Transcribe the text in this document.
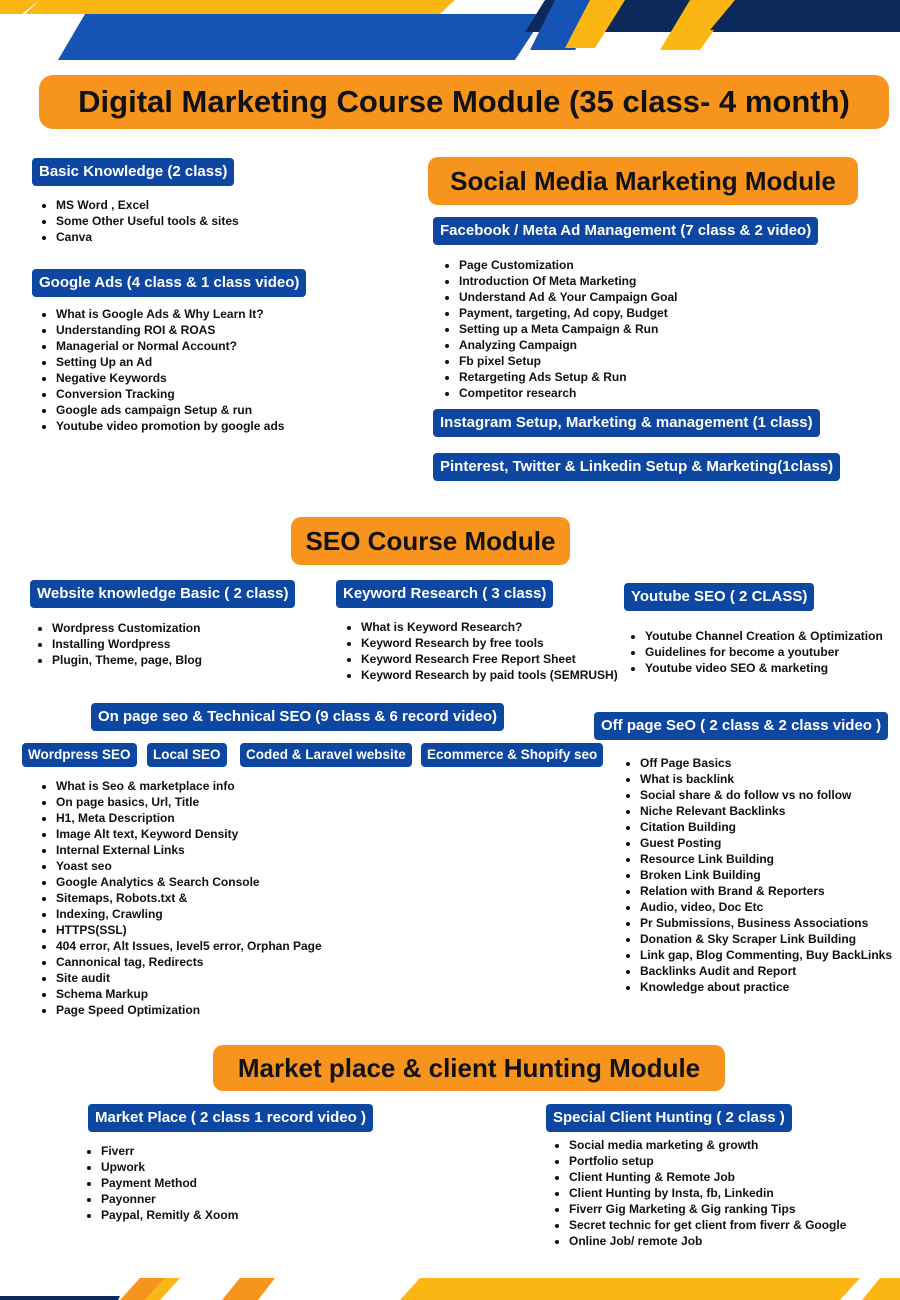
Digital Marketing Course Module (35 class- 4 month)
Basic Knowledge (2 class)
• MS Word , Excel
• Some Other Useful tools & sites
• Canva
Google Ads (4 class & 1 class video)
• What is Google Ads & Why Learn It?
• Understanding ROI & ROAS
• Managerial or Normal Account?
• Setting Up an Ad
• Negative Keywords
• Conversion Tracking
• Google ads campaign Setup & run
• Youtube video promotion by google ads
Social Media Marketing Module
Facebook / Meta Ad Management (7 class & 2 video)
• Page Customization
• Introduction Of Meta Marketing
• Understand Ad & Your Campaign Goal
• Payment, targeting, Ad copy, Budget
• Setting up a Meta Campaign & Run
• Analyzing Campaign
• Fb pixel Setup
• Retargeting Ads Setup & Run
• Competitor research
Instagram Setup, Marketing & management (1 class)
Pinterest, Twitter & Linkedin Setup & Marketing(1class)
SEO Course Module
Website knowledge Basic ( 2 class)
• Wordpress Customization
• Installing Wordpress
• Plugin, Theme, page, Blog
Keyword Research ( 3 class)
• What is Keyword Research?
• Keyword Research by free tools
• Keyword Research Free Report Sheet
• Keyword Research by paid tools (SEMRUSH)
Youtube SEO ( 2 CLASS)
• Youtube Channel Creation & Optimization
• Guidelines for become a youtuber
• Youtube video SEO & marketing
On page seo & Technical SEO (9 class & 6 record video)
Wordpress SEO	Local SEO	Coded & Laravel website	Ecommerce & Shopify seo
• What is Seo & marketplace info
• On page basics, Url, Title
• H1, Meta Description
• Image Alt text, Keyword Density
• Internal External Links
• Yoast seo
• Google Analytics & Search Console
• Sitemaps, Robots.txt &
• Indexing, Crawling
• HTTPS(SSL)
• 404 error, Alt Issues, level5 error, Orphan Page
• Cannonical tag, Redirects
• Site audit
• Schema Markup
• Page Speed Optimization
Off page SeO ( 2 class & 2 class video )
• Off Page Basics
• What is backlink
• Social share & do follow vs no follow
• Niche Relevant Backlinks
• Citation Building
• Guest Posting
• Resource Link Building
• Broken Link Building
• Relation with Brand & Reporters
• Audio, video, Doc Etc
• Pr Submissions, Business Associations
• Donation & Sky Scraper Link Building
• Link gap, Blog Commenting, Buy BackLinks
• Backlinks Audit and Report
• Knowledge about practice
Market place & client Hunting Module
Market Place ( 2 class 1 record video )
• Fiverr
• Upwork
• Payment Method
• Payonner
• Paypal, Remitly & Xoom
Special Client Hunting ( 2 class )
• Social media marketing & growth
• Portfolio setup
• Client Hunting & Remote Job
• Client Hunting by Insta, fb, Linkedin
• Fiverr Gig Marketing & Gig ranking Tips
• Secret technic for get client from fiverr & Google
• Online Job/ remote Job
